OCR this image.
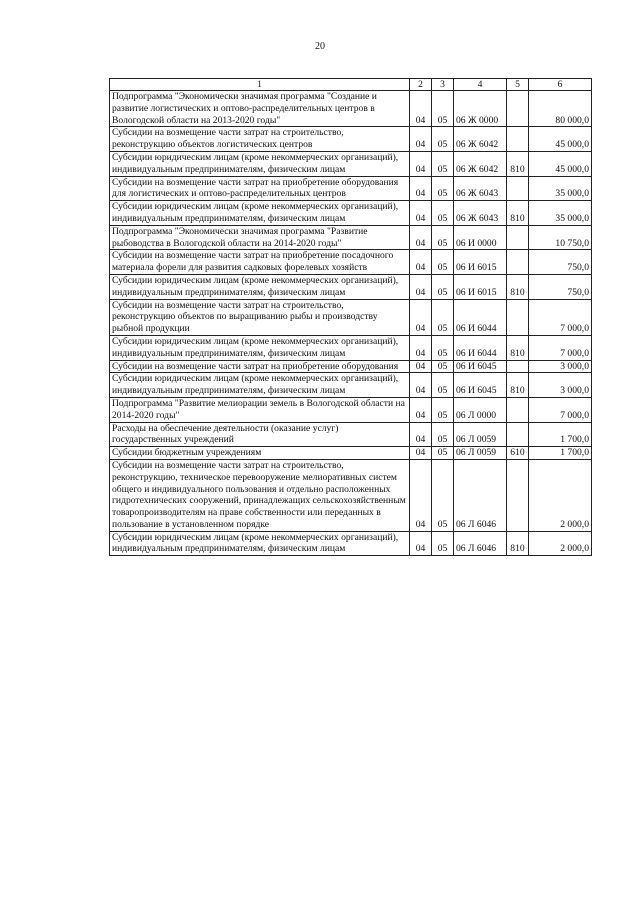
20
1	2	3	4	5	6
Подпрограмма "Экономически значимая программа "Создание и развитие логистических и оптово-распределительных центров в Вологодской области на 2013-2020 годы"	04	05	06 Ж 0000		80 000,0
Субсидии на возмещение части затрат на строительство, реконструкцию объектов логистических центров	04	05	06 Ж 6042		45 000,0
Субсидии юридическим лицам (кроме некоммерческих организаций), индивидуальным предпринимателям, физическим лицам	04	05	06 Ж 6042	810	45 000,0
Субсидии на возмещение части затрат на приобретение оборудования для логистических и оптово-распределительных центров	04	05	06 Ж 6043		35 000,0
Субсидии юридическим лицам (кроме некоммерческих организаций), индивидуальным предпринимателям, физическим лицам	04	05	06 Ж 6043	810	35 000,0
Подпрограмма "Экономически значимая программа "Развитие рыбоводства в Вологодской области на 2014-2020 годы"	04	05	06 И 0000		10 750,0
Субсидии на возмещение части затрат на приобретение посадочного материала форели для развития садковых форелевых хозяйств	04	05	06 И 6015		750,0
Субсидии юридическим лицам (кроме некоммерческих организаций), индивидуальным предпринимателям, физическим лицам	04	05	06 И 6015	810	750,0
Субсидии на возмещение части затрат на строительство, реконструкцию объектов по выращиванию рыбы и производству рыбной продукции	04	05	06 И 6044		7 000,0
Субсидии юридическим лицам (кроме некоммерческих организаций), индивидуальным предпринимателям, физическим лицам	04	05	06 И 6044	810	7 000,0
Субсидии на возмещение части затрат на приобретение оборудования	04	05	06 И 6045		3 000,0
Субсидии юридическим лицам (кроме некоммерческих организаций), индивидуальным предпринимателям, физическим лицам	04	05	06 И 6045	810	3 000,0
Подпрограмма "Развитие мелиорации земель в Вологодской области на 2014-2020 годы"	04	05	06 Л 0000		7 000,0
Расходы на обеспечение деятельности (оказание услуг) государственных учреждений	04	05	06 Л 0059		1 700,0
Субсидии бюджетным учреждениям	04	05	06 Л 0059	610	1 700,0
Субсидии на возмещение части затрат на строительство, реконструкцию, техническое перевооружение мелиоративных систем общего и индивидуального пользования и отдельно расположенных гидротехнических сооружений, принадлежащих сельскохозяйственным товаропроизводителям на праве собственности или переданных в пользование в установленном порядке	04	05	06 Л 6046		2 000,0
Субсидии юридическим лицам (кроме некоммерческих организаций), индивидуальным предпринимателям, физическим лицам	04	05	06 Л 6046	810	2 000,0
